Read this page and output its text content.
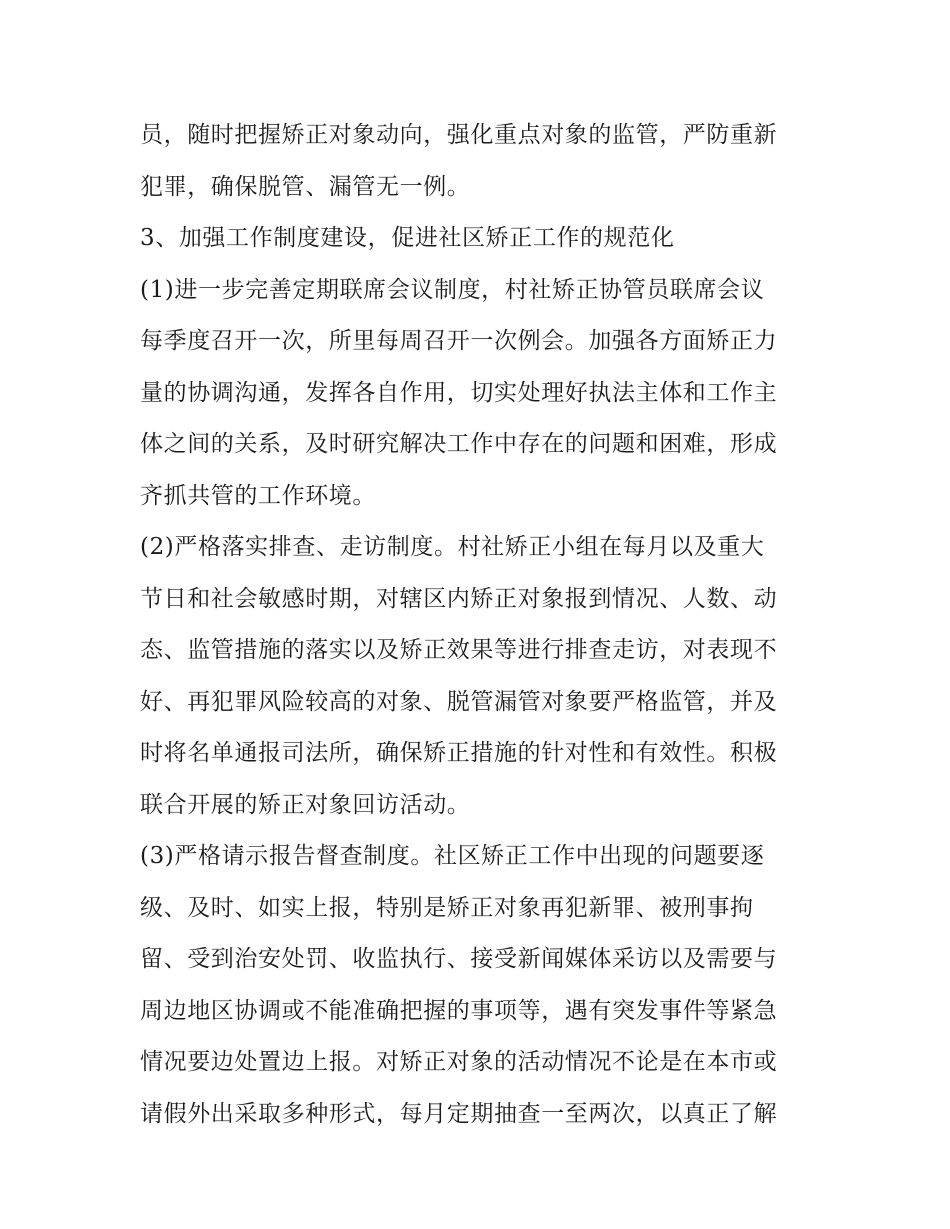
员，随时把握矫正对象动向，强化重点对象的监管，严防重新
犯罪，确保脱管、漏管无一例。
3、加强工作制度建设，促进社区矫正工作的规范化
(1)进一步完善定期联席会议制度，村社矫正协管员联席会议
每季度召开一次，所里每周召开一次例会。加强各方面矫正力
量的协调沟通，发挥各自作用，切实处理好执法主体和工作主
体之间的关系，及时研究解决工作中存在的问题和困难，形成
齐抓共管的工作环境。
(2)严格落实排查、走访制度。村社矫正小组在每月以及重大
节日和社会敏感时期，对辖区内矫正对象报到情况、人数、动
态、监管措施的落实以及矫正效果等进行排查走访，对表现不
好、再犯罪风险较高的对象、脱管漏管对象要严格监管，并及
时将名单通报司法所，确保矫正措施的针对性和有效性。积极
联合开展的矫正对象回访活动。
(3)严格请示报告督查制度。社区矫正工作中出现的问题要逐
级、及时、如实上报，特别是矫正对象再犯新罪、被刑事拘
留、受到治安处罚、收监执行、接受新闻媒体采访以及需要与
周边地区协调或不能准确把握的事项等，遇有突发事件等紧急
情况要边处置边上报。对矫正对象的活动情况不论是在本市或
请假外出采取多种形式，每月定期抽查一至两次，以真正了解
